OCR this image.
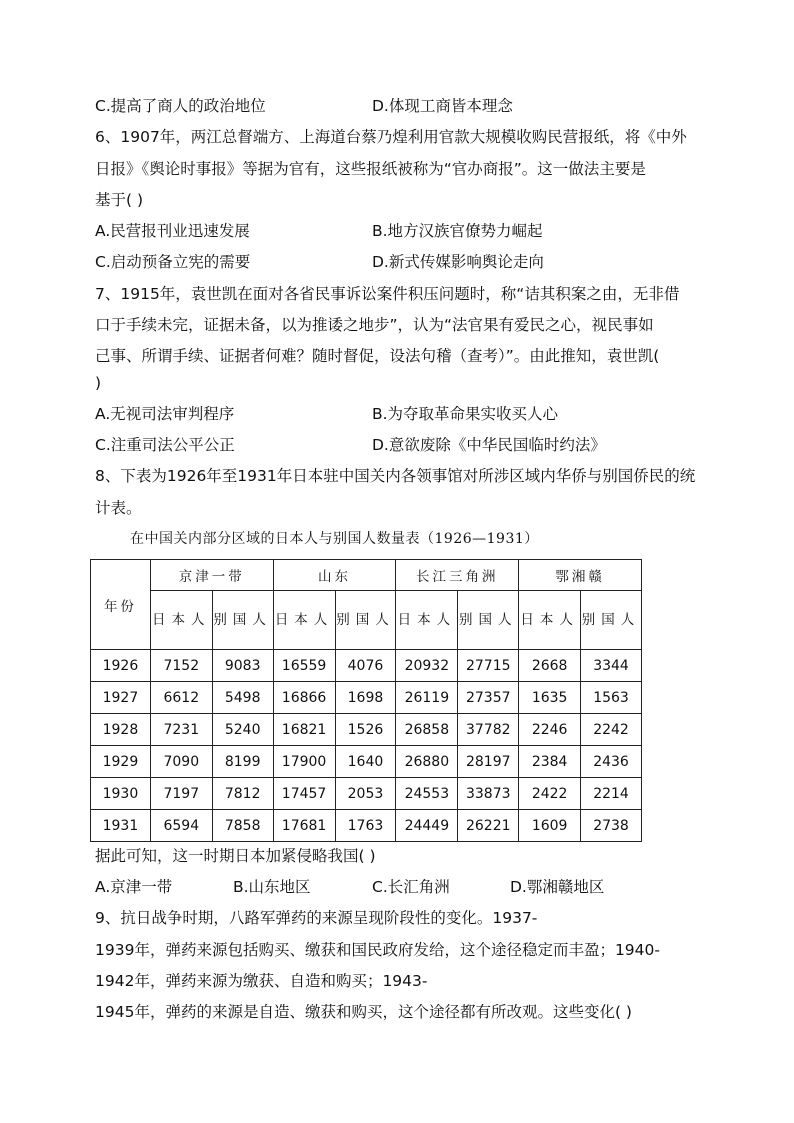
C.提高了商人的政治地位	D.体现工商皆本理念
6、1907年，两江总督端方、上海道台蔡乃煌利用官款大规模收购民营报纸，将《中外
日报》《舆论时事报》等据为官有，这些报纸被称为“官办商报”。这一做法主要是
基于( )
A.民营报刊业迅速发展	B.地方汉族官僚势力崛起
C.启动预备立宪的需要	D.新式传媒影响舆论走向
7、1915年，袁世凯在面对各省民事诉讼案件积压问题时，称“诘其积案之由，无非借
口于手续未完，证据未备，以为推诿之地步”，认为“法官果有爱民之心，视民事如
己事、所谓手续、证据者何难？随时督促，设法句稽（查考）”。由此推知，袁世凯(
)
A.无视司法审判程序	B.为夺取革命果实收买人心
C.注重司法公平公正	D.意欲废除《中华民国临时约法》
8、下表为1926年至1931年日本驻中国关内各领事馆对所涉区域内华侨与别国侨民的统
计表。
在中国关内部分区域的日本人与别国人数量表（1926—1931）
年份	京津一带		山东		长江三角洲		鄂湘赣	
	日本人	别国人	日本人	别国人	日本人	别国人	日本人	别国人
1926	7152	9083	16559	4076	20932	27715	2668	3344
1927	6612	5498	16866	1698	26119	27357	1635	1563
1928	7231	5240	16821	1526	26858	37782	2246	2242
1929	7090	8199	17900	1640	26880	28197	2384	2436
1930	7197	7812	17457	2053	24553	33873	2422	2214
1931	6594	7858	17681	1763	24449	26221	1609	2738
据此可知，这一时期日本加紧侵略我国( )
A.京津一带	B.山东地区	C.长汇角洲	D.鄂湘赣地区
9、抗日战争时期，八路军弹药的来源呈现阶段性的变化。1937-
1939年，弹药来源包括购买、缴获和国民政府发给，这个途径稳定而丰盈；1940-
1942年，弹药来源为缴获、自造和购买；1943-
1945年，弹药的来源是自造、缴获和购买，这个途径都有所改观。这些变化( )
